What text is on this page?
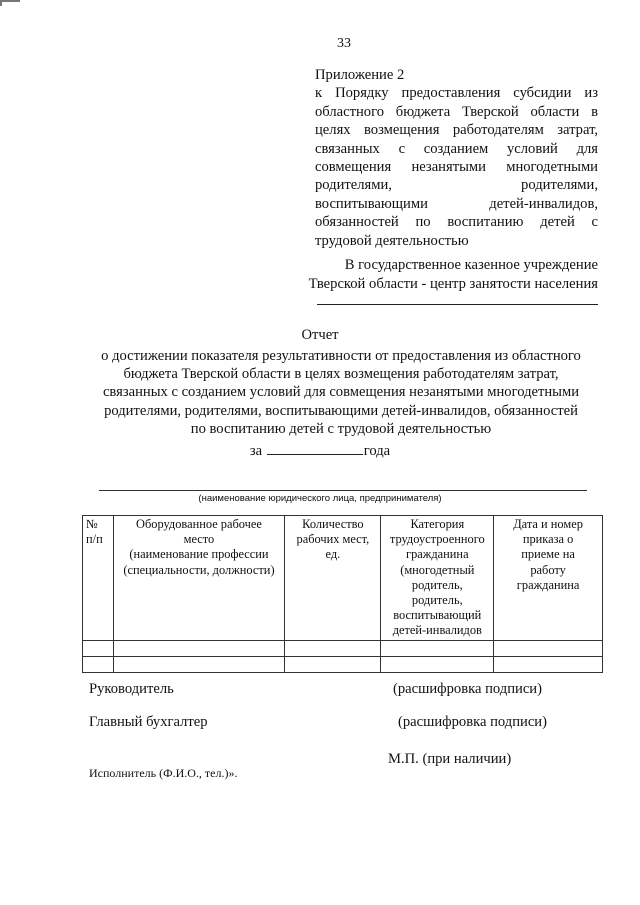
33
Приложение 2
к Порядку предоставления субсидии из
областного бюджета Тверской области в
целях возмещения работодателям затрат,
связанных с созданием условий для
совмещения незанятыми многодетными
родителями, родителями,
воспитывающими детей-инвалидов,
обязанностей по воспитанию детей с
трудовой деятельностью
В государственное казенное учреждение
Тверской области - центр занятости населения
Отчет
о достижении показателя результативности от предоставления из областного
бюджета Тверской области в целях возмещения работодателям затрат,
связанных с созданием условий для совмещения незанятыми многодетными
родителями, родителями, воспитывающими детей-инвалидов, обязанностей
по воспитанию детей с трудовой деятельностью
за	года
(наименование юридического лица, предпринимателя)
№
п/п	Оборудованное рабочее
место
(наименование профессии
(специальности, должности)	Количество
рабочих мест,
ед.	Категория
трудоустроенного
гражданина
(многодетный
родитель,
родитель,
воспитывающий
детей-инвалидов	Дата и номер
приказа о
приеме на
работу
гражданина

Руководитель	(расшифровка подписи)
Главный бухгалтер	(расшифровка подписи)
М.П. (при наличии)
Исполнитель (Ф.И.О., тел.)».
